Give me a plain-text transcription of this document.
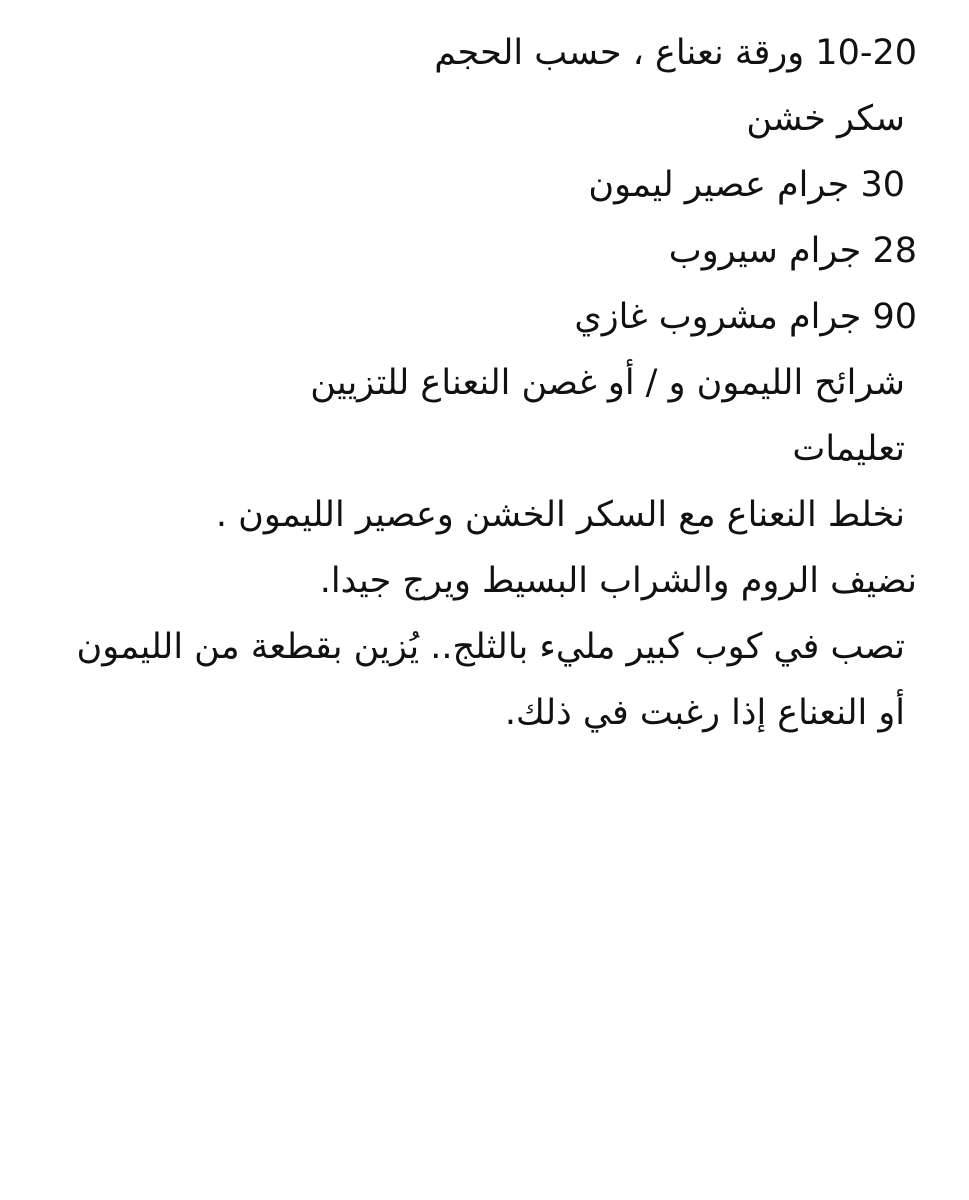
10-20 ورقة نعناع ، حسب الحجم
سكر خشن
30 جرام عصير ليمون
28 جرام سيروب
90 جرام مشروب غازي
شرائح الليمون و / أو غصن النعناع للتزيين
تعليمات
نخلط النعناع مع السكر الخشن وعصير الليمون .
نضيف الروم والشراب البسيط ويرج جيدا.
تصب في كوب كبير مليء بالثلج.. يُزين بقطعة من الليمون أو النعناع إذا رغبت في ذلك.
